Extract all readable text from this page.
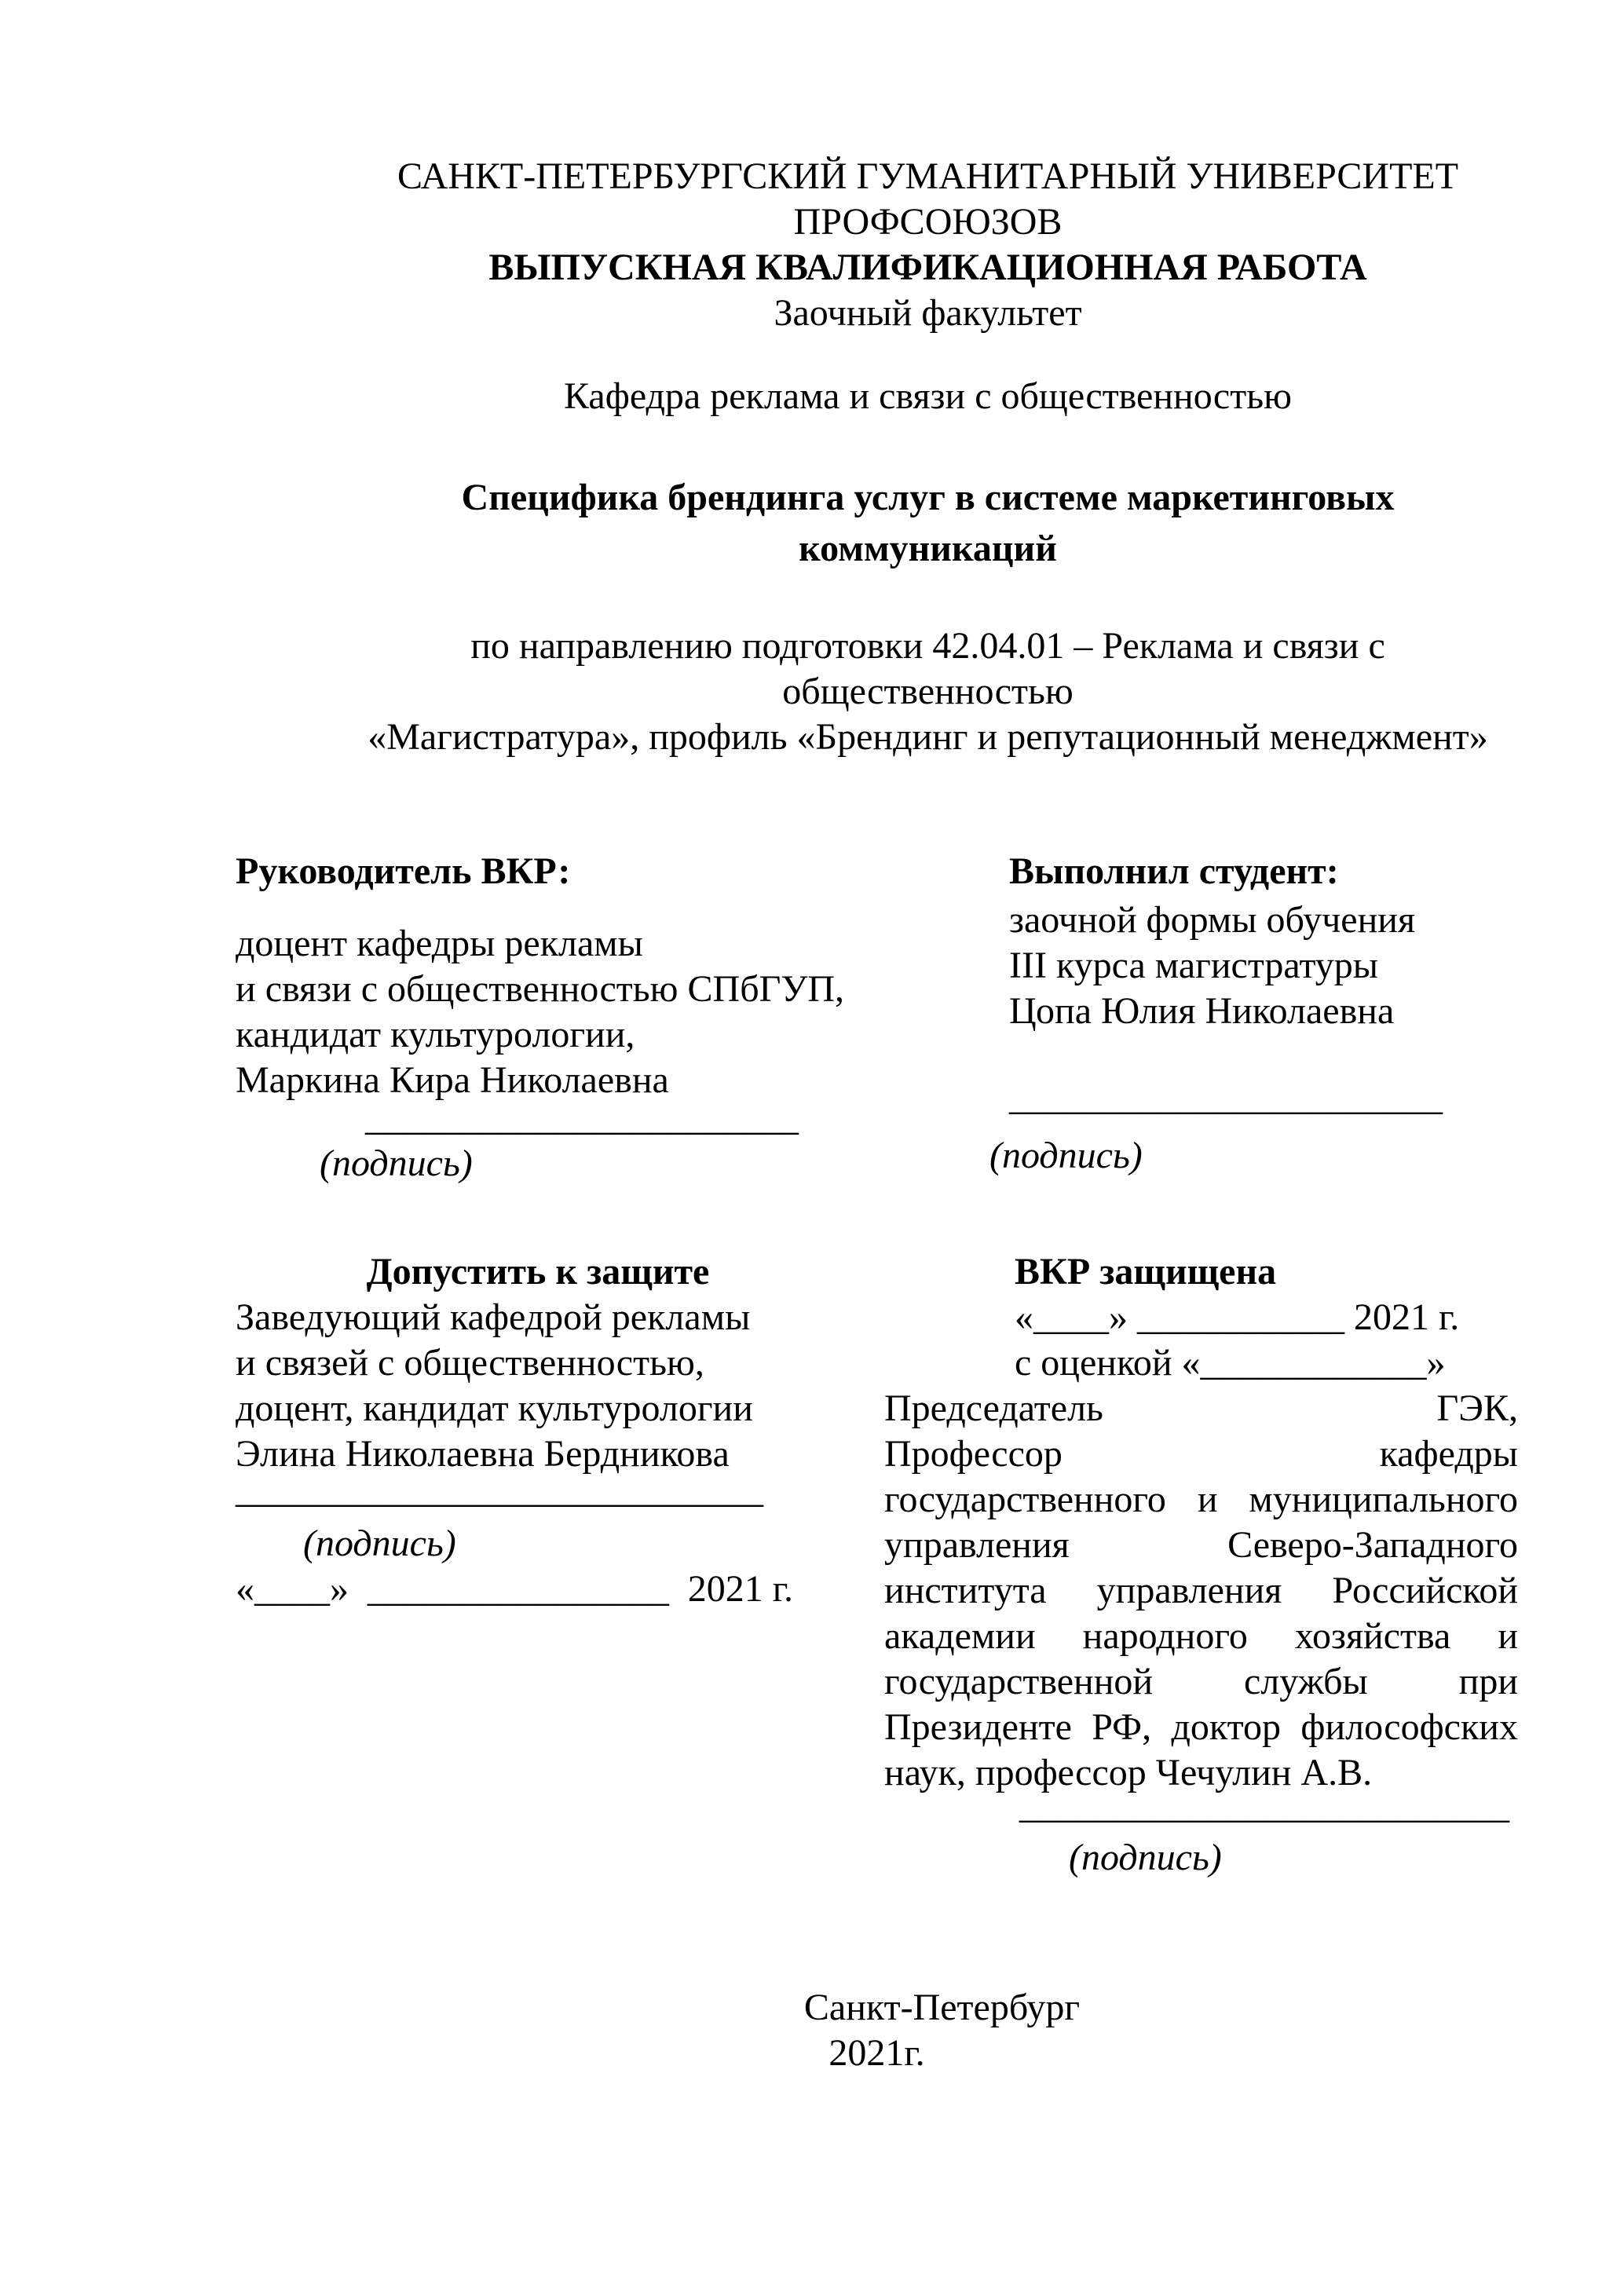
САНКТ-ПЕТЕРБУРГСКИЙ ГУМАНИТАРНЫЙ УНИВЕРСИТЕТ ПРОФСОЮЗОВ
ВЫПУСКНАЯ КВАЛИФИКАЦИОННАЯ РАБОТА
Заочный факультет
Кафедра реклама и связи с общественностью
Специфика брендинга услуг в системе маркетинговых коммуникаций
по направлению подготовки 42.04.01 – Реклама и связи с общественностью
«Магистратура», профиль «Брендинг и репутационный менеджмент»
Руководитель ВКР:
доцент кафедры рекламы
и связи с общественностью СПбГУП,
кандидат культурологии,
Маркина Кира Николаевна
_______________________
(подпись)
Выполнил студент:
заочной формы обучения
III курса магистратуры
Цопа Юлия Николаевна
_______________________
(подпись)
Допустить к защите
Заведующий кафедрой рекламы
и связей с общественностью,
доцент, кандидат культурологии
Элина Николаевна Бердникова
____________________________
(подпись)
«____» ________________ 2021 г.
ВКР защищена
«____» ___________ 2021 г.
с оценкой «____________»
Председатель ГЭК,
Профессор кафедры
государственного и муниципального
управления Северо-Западного
института управления Российской
академии народного хозяйства и
государственной службы при
Президенте РФ, доктор философских
наук, профессор Чечулин А.В.
__________________________
(подпись)
Санкт-Петербург
2021г.
